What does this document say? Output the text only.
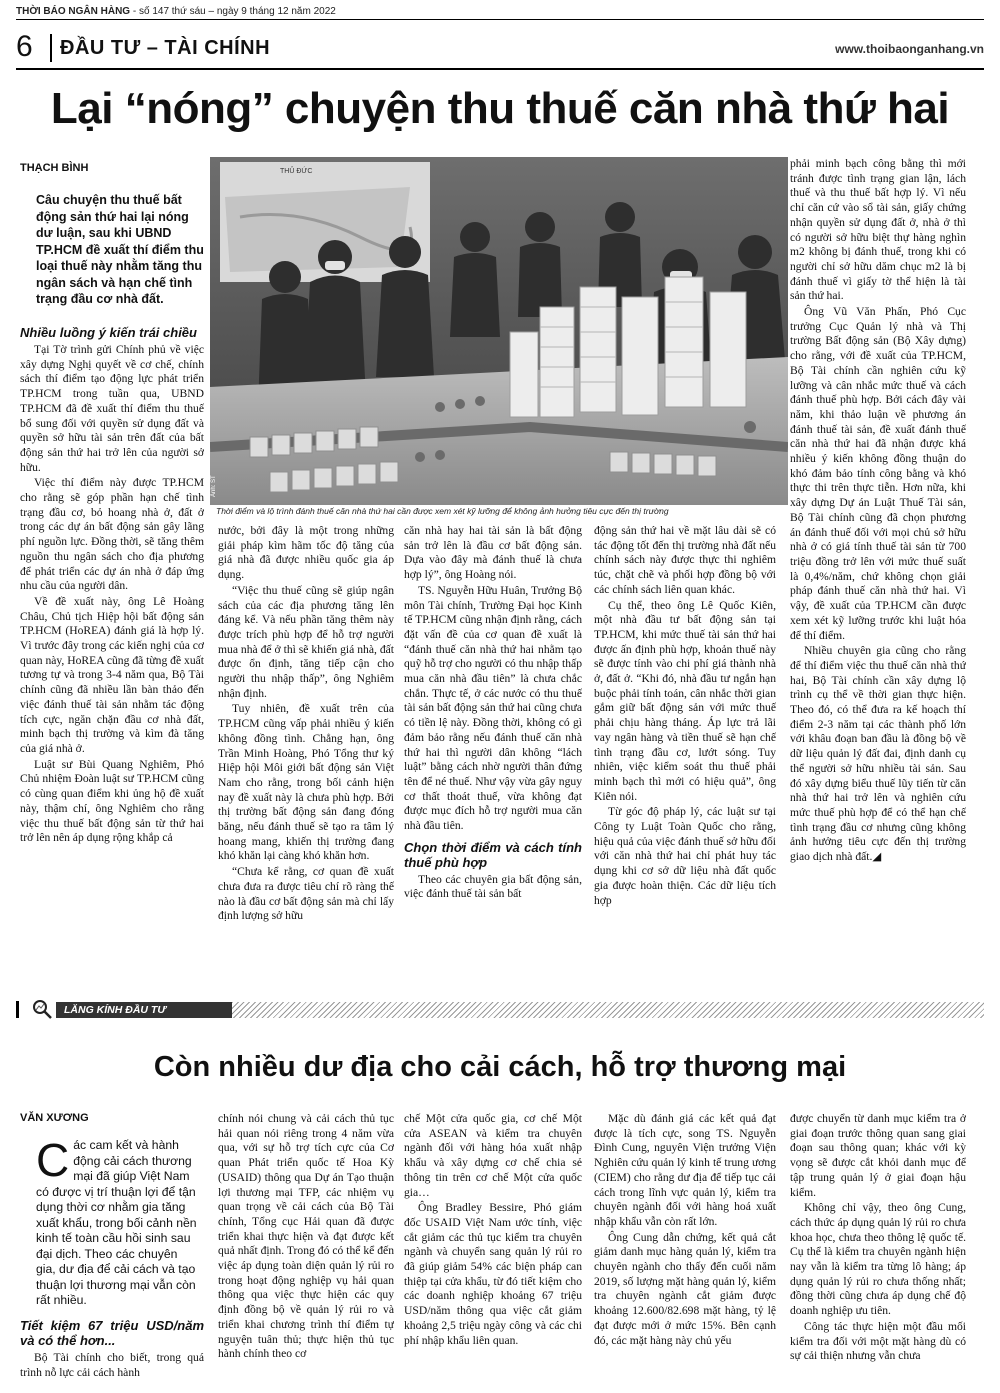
THỜI BÁO NGÂN HÀNG - số 147 thứ sáu – ngày 9 tháng 12 năm 2022
6 ĐẦU TƯ – TÀI CHÍNH	www.thoibaonganhang.vn
Lại “nóng” chuyện thu thuế căn nhà thứ hai
THẠCH BÌNH
Câu chuyện thu thuế bất động sản thứ hai lại nóng dư luận, sau khi UBND TP.HCM đề xuất thí điểm thu loại thuế này nhằm tăng thu ngân sách và hạn chế tình trạng đầu cơ nhà đất.
Nhiều luồng ý kiến trái chiều

Tại Tờ trình gửi Chính phủ về việc xây dựng Nghị quyết về cơ chế, chính sách thí điểm tạo động lực phát triển TP.HCM trong tuần qua, UBND TP.HCM đã đề xuất thí điểm thu thuế bổ sung đối với quyền sử dụng đất và quyền sở hữu tài sản trên đất của bất động sản thứ hai trở lên của người sở hữu.

Việc thí điểm này được TP.HCM cho rằng sẽ góp phần hạn chế tình trạng đầu cơ, bỏ hoang nhà ở, đất ở trong các dự án bất động sản gây lãng phí nguồn lực. Đồng thời, sẽ tăng thêm nguồn thu ngân sách cho địa phương để phát triển các dự án nhà ở đáp ứng nhu cầu của người dân.

Về đề xuất này, ông Lê Hoàng Châu, Chủ tịch Hiệp hội bất động sản TP.HCM (HoREA) đánh giá là hợp lý. Vì trước đây trong các kiến nghị của cơ quan này, HoREA cũng đã từng đề xuất tương tự và trong 3-4 năm qua, Bộ Tài chính cũng đã nhiều lần bàn thảo đến việc đánh thuế tài sản nhằm tác động tích cực, ngăn chặn đầu cơ nhà đất, minh bạch thị trường và kìm đà tăng của giá nhà ở.

Luật sư Bùi Quang Nghiêm, Phó Chủ nhiệm Đoàn luật sư TP.HCM cũng có cùng quan điểm khi ủng hộ đề xuất này, thậm chí, ông Nghiêm cho rằng việc thu thuế bất động sản từ thứ hai trở lên nên áp dụng rộng khắp cả

THỦ ĐỨC
Ảnh: ST
Thời điểm và lộ trình đánh thuế căn nhà thứ hai cần được xem xét kỹ lưỡng để không ảnh hưởng tiêu cực đến thị trường

nước, bởi đây là một trong những giải pháp kìm hãm tốc độ tăng của giá nhà đã được nhiều quốc gia áp dụng.

“Việc thu thuế cũng sẽ giúp ngân sách của các địa phương tăng lên đáng kể. Và nếu phần tăng thêm này được trích phù hợp để hỗ trợ người mua nhà để ở thì sẽ khiến giá nhà, đất được ổn định, tăng tiếp cận cho người thu nhập thấp”, ông Nghiêm nhận định.

Tuy nhiên, đề xuất trên của TP.HCM cũng vấp phải nhiều ý kiến không đồng tình. Chẳng hạn, ông Trần Minh Hoàng, Phó Tổng thư ký Hiệp hội Môi giới bất động sản Việt Nam cho rằng, trong bối cảnh hiện nay đề xuất này là chưa phù hợp. Bởi thị trường bất động sản đang đóng băng, nếu đánh thuế sẽ tạo ra tâm lý hoang mang, khiến thị trường đang khó khăn lại càng khó khăn hơn.

“Chưa kể rằng, cơ quan đề xuất chưa đưa ra được tiêu chí rõ ràng thế nào là đầu cơ bất động sản mà chỉ lấy định lượng sở hữu

căn nhà hay hai tài sản là bất động sản trở lên là đầu cơ bất động sản. Dựa vào đây mà đánh thuế là chưa hợp lý”, ông Hoàng nói.

TS. Nguyễn Hữu Huân, Trưởng Bộ môn Tài chính, Trường Đại học Kinh tế TP.HCM cũng nhận định rằng, cách đặt vấn đề của cơ quan đề xuất là “đánh thuế căn nhà thứ hai nhằm tạo quỹ hỗ trợ cho người có thu nhập thấp mua căn nhà đầu tiên” là chưa chắc chắn. Thực tế, ở các nước có thu thuế tài sản bất động sản thứ hai cũng chưa có tiền lệ này. Đồng thời, không có gì đảm bảo rằng nếu đánh thuế căn nhà thứ hai thì người dân không “lách luật” bằng cách nhờ người thân đứng tên để né thuế. Như vậy vừa gây nguy cơ thất thoát thuế, vừa không đạt được mục đích hỗ trợ người mua căn nhà đầu tiên.

Chọn thời điểm và cách tính thuế phù hợp

Theo các chuyên gia bất động sản, việc đánh thuế tài sản bất

động sản thứ hai về mặt lâu dài sẽ có tác động tốt đến thị trường nhà đất nếu chính sách này được thực thi nghiêm túc, chặt chẽ và phối hợp đồng bộ với các chính sách liên quan khác.

Cụ thể, theo ông Lê Quốc Kiên, một nhà đầu tư bất động sản tại TP.HCM, khi mức thuế tài sản thứ hai được ấn định phù hợp, khoản thuế này sẽ được tính vào chi phí giá thành nhà ở, đất ở. “Khi đó, nhà đầu tư ngắn hạn buộc phải tính toán, cân nhắc thời gian gắm giữ bất động sản với mức thuế phải chịu hàng tháng. Áp lực trả lãi vay ngân hàng và tiền thuế sẽ hạn chế tình trạng đầu cơ, lướt sóng. Tuy nhiên, việc kiểm soát thu thuế phải minh bạch thì mới có hiệu quả”, ông Kiên nói.

Từ góc độ pháp lý, các luật sư tại Công ty Luật Toàn Quốc cho rằng, hiệu quả của việc đánh thuế sở hữu đối với căn nhà thứ hai chỉ phát huy tác dụng khi cơ sở dữ liệu nhà đất quốc gia được hoàn thiện. Các dữ liệu tích hợp

phải minh bạch công bằng thì mới tránh được tình trạng gian lận, lách thuế và thu thuế bất hợp lý. Vì nếu chỉ căn cứ vào sổ tài sản, giấy chứng nhận quyền sử dụng đất ở, nhà ở thì có người sở hữu biệt thự hàng nghìn m2 không bị đánh thuế, trong khi có người chỉ sở hữu dăm chục m2 là bị đánh thuế vì giấy tờ thể hiện là tài sản thứ hai.

Ông Vũ Văn Phấn, Phó Cục trưởng Cục Quản lý nhà và Thị trường Bất động sản (Bộ Xây dựng) cho rằng, với đề xuất của TP.HCM, Bộ Tài chính cần nghiên cứu kỹ lưỡng và cân nhắc mức thuế và cách đánh thuế phù hợp. Bởi cách đây vài năm, khi thảo luận về phương án đánh thuế tài sản, đề xuất đánh thuế căn nhà thứ hai đã nhận được khá nhiều ý kiến không đồng thuận do khó đảm bảo tính công bằng và khó thực thi trên thực tiễn. Hơn nữa, khi xây dựng Dự án Luật Thuế Tài sản, Bộ Tài chính cũng đã chọn phương án đánh thuế đối với mọi chủ sở hữu nhà ở có giá tính thuế tài sản từ 700 triệu đồng trở lên với mức thuế suất là 0,4%/năm, chứ không chọn giải pháp đánh thuế căn nhà thứ hai. Vì vậy, đề xuất của TP.HCM cần được xem xét kỹ lưỡng trước khi luật hóa để thí điểm.

Nhiều chuyên gia cũng cho rằng để thí điểm việc thu thuế căn nhà thứ hai, Bộ Tài chính cần xây dựng lộ trình cụ thể về thời gian thực hiện. Theo đó, có thể đưa ra kế hoạch thí điểm 2-3 năm tại các thành phố lớn với khâu đoạn ban đầu là đồng bộ về dữ liệu quản lý đất đai, định danh cụ thể người sở hữu nhiều tài sản. Sau đó xây dựng biểu thuế lũy tiến từ căn nhà thứ hai trở lên và nghiên cứu mức thuế phù hợp để có thể hạn chế tình trạng đầu cơ nhưng cũng không ảnh hưởng tiêu cực đến thị trường giao dịch nhà đất.◢

LĂNG KÍNH ĐẦU TƯ
Còn nhiều dư địa cho cải cách, hỗ trợ thương mại
VĂN XƯƠNG
Các cam kết và hành động cải cách thương mại đã giúp Việt Nam có được vị trí thuận lợi để tận dụng thời cơ nhằm gia tăng xuất khẩu, trong bối cảnh nền kinh tế toàn cầu hồi sinh sau đại dịch. Theo các chuyên gia, dư địa để cải cách và tạo thuận lợi thương mại vẫn còn rất nhiều.
Tiết kiệm 67 triệu USD/năm và có thể hơn...

Bộ Tài chính cho biết, trong quá trình nỗ lực cải cách hành

chính nói chung và cải cách thủ tục hải quan nói riêng trong 4 năm vừa qua, với sự hỗ trợ tích cực của Cơ quan Phát triển quốc tế Hoa Kỳ (USAID) thông qua Dự án Tạo thuận lợi thương mại TFP, các nhiệm vụ quan trọng về cải cách của Bộ Tài chính, Tổng cục Hải quan đã được triển khai thực hiện và đạt được kết quả nhất định. Trong đó có thể kể đến việc áp dụng toàn diện quản lý rủi ro trong hoạt động nghiệp vụ hải quan thông qua việc thực hiện các quy định đồng bộ về quản lý rủi ro và triển khai chương trình thí điểm tự nguyện tuân thủ; thực hiện thủ tục hành chính theo cơ

chế Một cửa quốc gia, cơ chế Một cửa ASEAN và kiểm tra chuyên ngành đối với hàng hóa xuất nhập khẩu và xây dựng cơ chế chia sẻ thông tin trên cơ chế Một cửa quốc gia…

Ông Bradley Bessire, Phó giám đốc USAID Việt Nam ước tính, việc cắt giảm các thủ tục kiểm tra chuyên ngành và chuyển sang quản lý rủi ro đã giúp giảm 54% các biện pháp can thiệp tại cửa khẩu, từ đó tiết kiệm cho các doanh nghiệp khoảng 67 triệu USD/năm thông qua việc cắt giảm khoảng 2,5 triệu ngày công và các chi phí nhập khẩu liên quan.

Mặc dù đánh giá các kết quả đạt được là tích cực, song TS. Nguyễn Đình Cung, nguyên Viện trưởng Viện Nghiên cứu quản lý kinh tế trung ương (CIEM) cho rằng dư địa để tiếp tục cải cách trong lĩnh vực quản lý, kiểm tra chuyên ngành đối với hàng hoá xuất nhập khẩu vẫn còn rất lớn.

Ông Cung dẫn chứng, kết quả cắt giảm danh mục hàng quản lý, kiểm tra chuyên ngành cho thấy đến cuối năm 2019, số lượng mặt hàng quản lý, kiểm tra chuyên ngành cắt giảm được khoảng 12.600/82.698 mặt hàng, tỷ lệ đạt được mới ở mức 15%. Bên cạnh đó, các mặt hàng này chủ yếu

được chuyển từ danh mục kiểm tra ở giai đoạn trước thông quan sang giai đoạn sau thông quan; khác với kỳ vọng sẽ được cắt khỏi danh mục để tập trung quản lý ở giai đoạn hậu kiểm.

Không chỉ vậy, theo ông Cung, cách thức áp dụng quản lý rủi ro chưa khoa học, chưa theo thông lệ quốc tế. Cụ thể là kiểm tra chuyên ngành hiện nay vẫn là kiểm tra từng lô hàng; áp dụng quản lý rủi ro chưa thống nhất; đồng thời cũng chưa áp dụng chế độ doanh nghiệp ưu tiên.

Công tác thực hiện một đầu mối kiểm tra đối với một mặt hàng dù có sự cải thiện nhưng vẫn chưa
